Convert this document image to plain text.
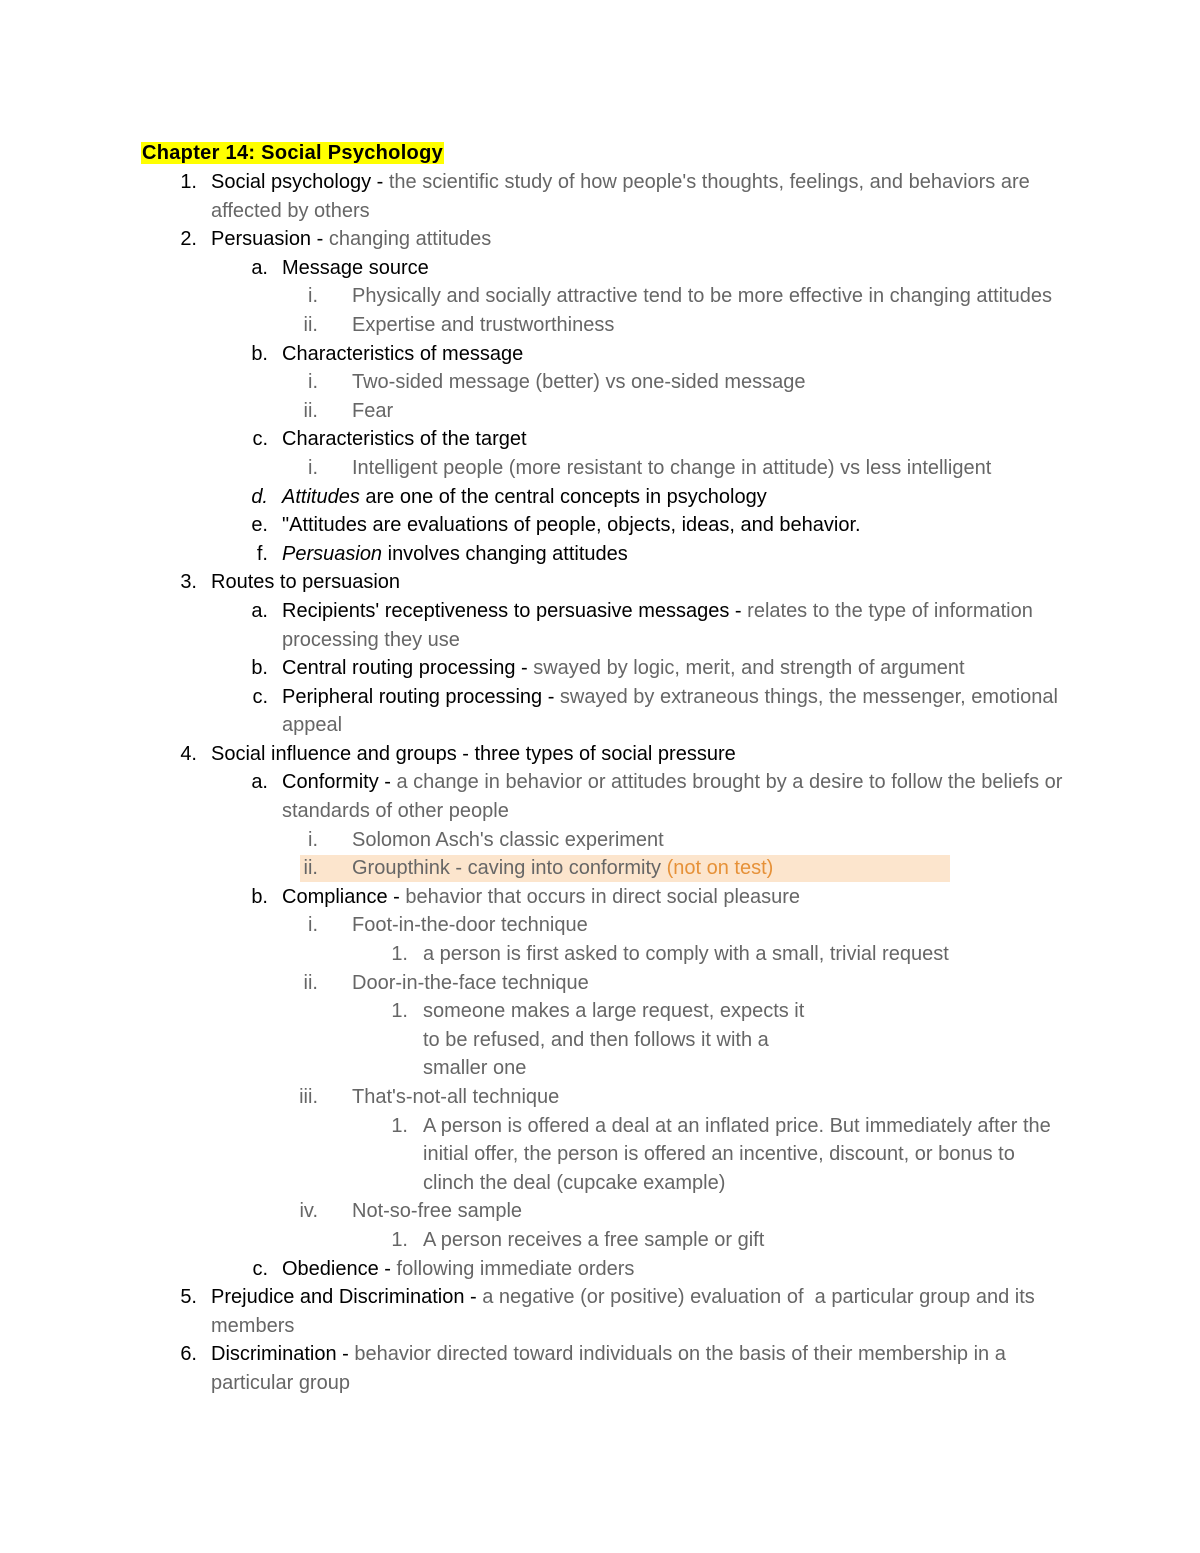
Chapter 14: Social Psychology
1. Social psychology - the scientific study of how people's thoughts, feelings, and behaviors are affected by others
2. Persuasion - changing attitudes
a. Message source
i. Physically and socially attractive tend to be more effective in changing attitudes
ii. Expertise and trustworthiness
b. Characteristics of message
i. Two-sided message (better) vs one-sided message
ii. Fear
c. Characteristics of the target
i. Intelligent people (more resistant to change in attitude) vs less intelligent
d. Attitudes are one of the central concepts in psychology
e. "Attitudes are evaluations of people, objects, ideas, and behavior.
f. Persuasion involves changing attitudes
3. Routes to persuasion
a. Recipients' receptiveness to persuasive messages - relates to the type of information processing they use
b. Central routing processing - swayed by logic, merit, and strength of argument
c. Peripheral routing processing - swayed by extraneous things, the messenger, emotional appeal
4. Social influence and groups - three types of social pressure
a. Conformity - a change in behavior or attitudes brought by a desire to follow the beliefs or standards of other people
i. Solomon Asch's classic experiment
ii. Groupthink - caving into conformity (not on test)
b. Compliance - behavior that occurs in direct social pleasure
i. Foot-in-the-door technique
1. a person is first asked to comply with a small, trivial request
ii. Door-in-the-face technique
1. someone makes a large request, expects it to be refused, and then follows it with a smaller one
iii. That's-not-all technique
1. A person is offered a deal at an inflated price. But immediately after the initial offer, the person is offered an incentive, discount, or bonus to clinch the deal (cupcake example)
iv. Not-so-free sample
1. A person receives a free sample or gift
c. Obedience - following immediate orders
5. Prejudice and Discrimination - a negative (or positive) evaluation of  a particular group and its members
6. Discrimination - behavior directed toward individuals on the basis of their membership in a particular group
